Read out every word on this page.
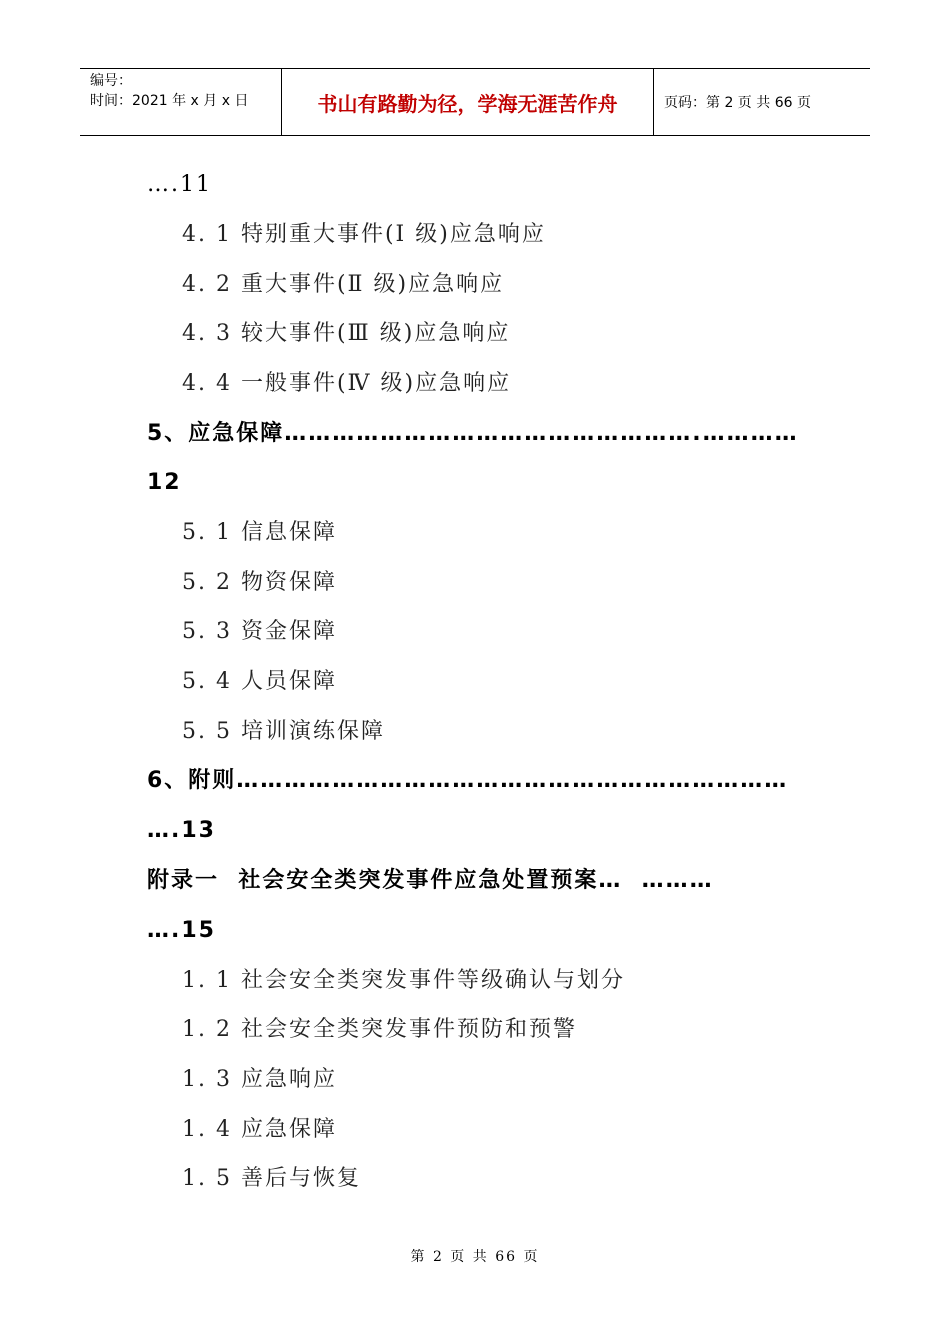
编号：
时间：2021 年 x 月 x 日	书山有路勤为径，学海无涯苦作舟	页码：第 2 页 共 66 页
….11
4. 1 特别重大事件(Ⅰ 级)应急响应
4. 2 重大事件(Ⅱ 级)应急响应
4. 3 较大事件(Ⅲ 级)应急响应
4. 4 一般事件(Ⅳ 级)应急响应
5、应急保障…………………………………………….…………
12
5. 1 信息保障
5. 2 物资保障
5. 3 资金保障
5. 4 人员保障
5. 5 培训演练保障
6、附则……………………………………………………………
….13
附录一  社会安全类突发事件应急处置预案…  ………
….15
1. 1 社会安全类突发事件等级确认与划分
1. 2 社会安全类突发事件预防和预警
1. 3 应急响应
1. 4 应急保障
1. 5 善后与恢复
第 2 页 共 66 页
